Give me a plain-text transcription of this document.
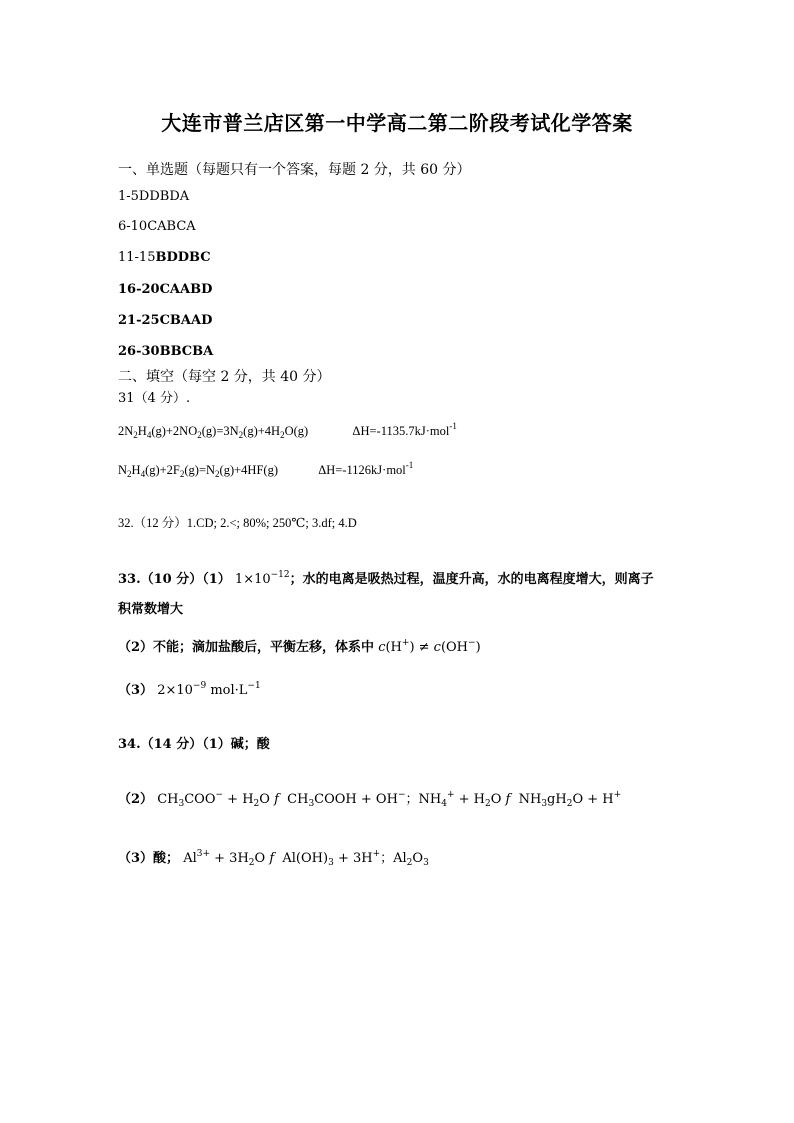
大连市普兰店区第一中学高二第二阶段考试化学答案
一、单选题（每题只有一个答案，每题 2 分，共 60 分）
1-5DDBDA
6-10CABCA
11-15BDDBC
16-20CAABD
21-25CBAAD
26-30BBCBA
二、填空（每空 2 分，共 40 分）
31（4 分）.
$2N_2H_4(g)+2NO_2(g)=3N_2(g)+4H_2O(g)$	ΔH=-1135.7kJ·mol$^{-1}$
$N_2H_4(g)+2F_2(g)=N_2(g)+4HF(g)$	ΔH=-1126kJ·mol$^{-1}$
32.（12 分）1.CD; 2.<; 80%; 250℃; 3.df; 4.D
33.（10 分）（1） $1\times 10^{-12}$；水的电离是吸热过程，温度升高，水的电离程度增大，则离子
积常数增大
（2）不能；滴加盐酸后，平衡左移，体系中 c(H+) ≠ c(OH−)
（3） $2\times 10^{-9}$ $mol\cdot L^{-1}$
34.（14 分）（1）碱；酸
（2） $CH_3COO^- + H_2O$ f  $CH_3COOH + OH^-$；$NH_4^+ + H_2O$ f  $NH_3gH_2O + H^+$
（3）酸； $Al^{3+} + 3H_2O$ f  $Al(OH)_3 + 3H^+$；$Al_2O_3$
